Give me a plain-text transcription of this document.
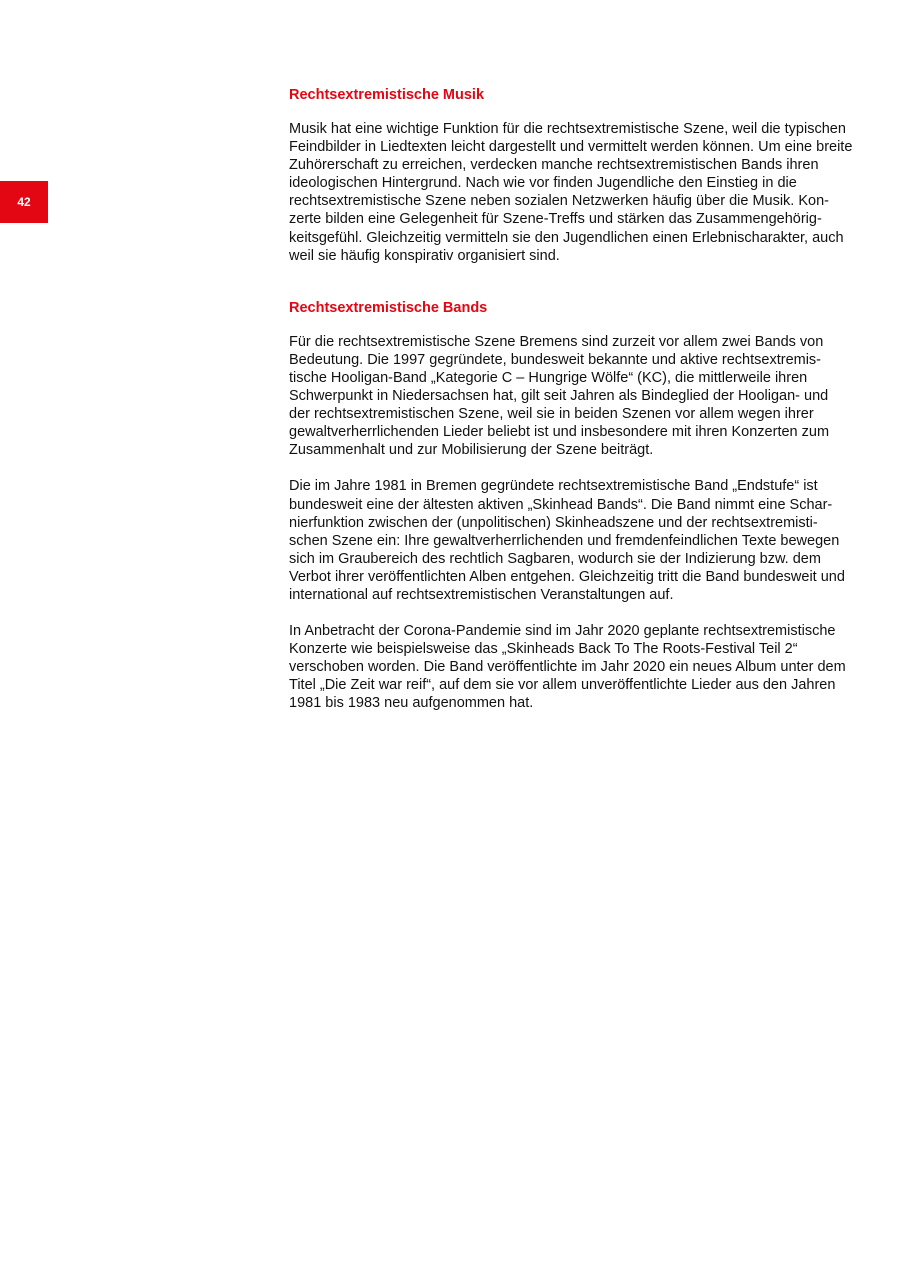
42
Rechtsextremistische Musik

Musik hat eine wichtige Funktion für die rechtsextremistische Szene, weil die typischen
Feindbilder in Liedtexten leicht dargestellt und vermittelt werden können. Um eine breite
Zuhörerschaft zu erreichen, verdecken manche rechtsextremistischen Bands ihren
ideologischen Hintergrund. Nach wie vor finden Jugendliche den Einstieg in die
rechtsextremistische Szene neben sozialen Netzwerken häufig über die Musik. Kon-
zerte bilden eine Gelegenheit für Szene-Treffs und stärken das Zusammengehörig-
keitsgefühl. Gleichzeitig vermitteln sie den Jugendlichen einen Erlebnischarakter, auch
weil sie häufig konspirativ organisiert sind.

Rechtsextremistische Bands

Für die rechtsextremistische Szene Bremens sind zurzeit vor allem zwei Bands von
Bedeutung. Die 1997 gegründete, bundesweit bekannte und aktive rechtsextremis-
tische Hooligan-Band „Kategorie C – Hungrige Wölfe“ (KC), die mittlerweile ihren
Schwerpunkt in Niedersachsen hat, gilt seit Jahren als Bindeglied der Hooligan- und
der rechtsextremistischen Szene, weil sie in beiden Szenen vor allem wegen ihrer
gewaltverherrlichenden Lieder beliebt ist und insbesondere mit ihren Konzerten zum
Zusammenhalt und zur Mobilisierung der Szene beiträgt.

Die im Jahre 1981 in Bremen gegründete rechtsextremistische Band „Endstufe“ ist
bundesweit eine der ältesten aktiven „Skinhead Bands“. Die Band nimmt eine Schar-
nierfunktion zwischen der (unpolitischen) Skinheadszene und der rechtsextremisti-
schen Szene ein: Ihre gewaltverherrlichenden und fremdenfeindlichen Texte bewegen
sich im Graubereich des rechtlich Sagbaren, wodurch sie der Indizierung bzw. dem
Verbot ihrer veröffentlichten Alben entgehen. Gleichzeitig tritt die Band bundesweit und
international auf rechtsextremistischen Veranstaltungen auf.

In Anbetracht der Corona-Pandemie sind im Jahr 2020 geplante rechtsextremistische
Konzerte wie beispielsweise das „Skinheads Back To The Roots-Festival Teil 2“
verschoben worden. Die Band veröffentlichte im Jahr 2020 ein neues Album unter dem
Titel „Die Zeit war reif“, auf dem sie vor allem unveröffentlichte Lieder aus den Jahren
1981 bis 1983 neu aufgenommen hat.
